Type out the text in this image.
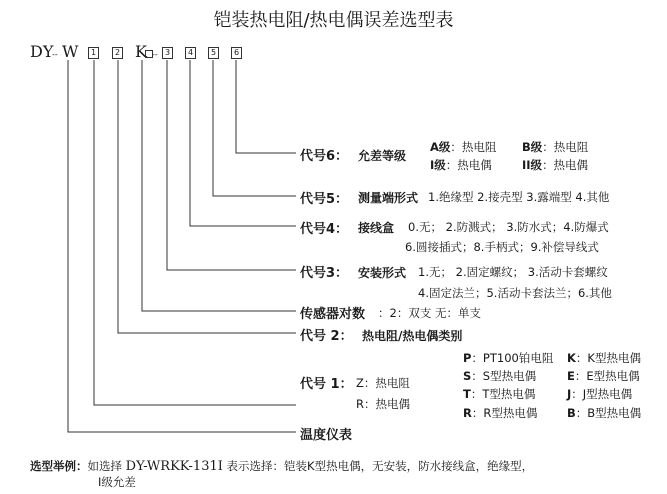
铠装热电阻/热电偶误差选型表
DY
-- W	1	2 K -- 3	4	5	6
代号6： 允差等级
A级：热电阻 B级：热电阻
I级：热电偶	II级：热电偶
代号5： 测量端形式 1.绝缘型 2.接壳型 3.露端型 4.其他
代号4： 接线盒 0.无； 2.防溅式； 3.防水式；4.防爆式
6.圆接插式；8.手柄式；9.补偿导线式
代号3： 安装形式 1.无； 2.固定螺纹； 3.活动卡套螺纹
4.固定法兰；5.活动卡套法兰；6.其他
传感器对数 ：2：双支 无：单支
代号 2： 热电阻/热电偶类别
P：PT100铂电阻 K：K型热电偶
S：S型热电偶	E：E型热电偶
T：T型热电偶	J：J型热电偶
R：R型热电偶	B：B型热电偶
代号 1： Z：热电阻
R：热电偶
温度仪表
选型举例：如选择 DY-WRKK-131I 表示选择：铠装K型热电偶，无安装，防水接线盒，绝缘型，
I级允差
